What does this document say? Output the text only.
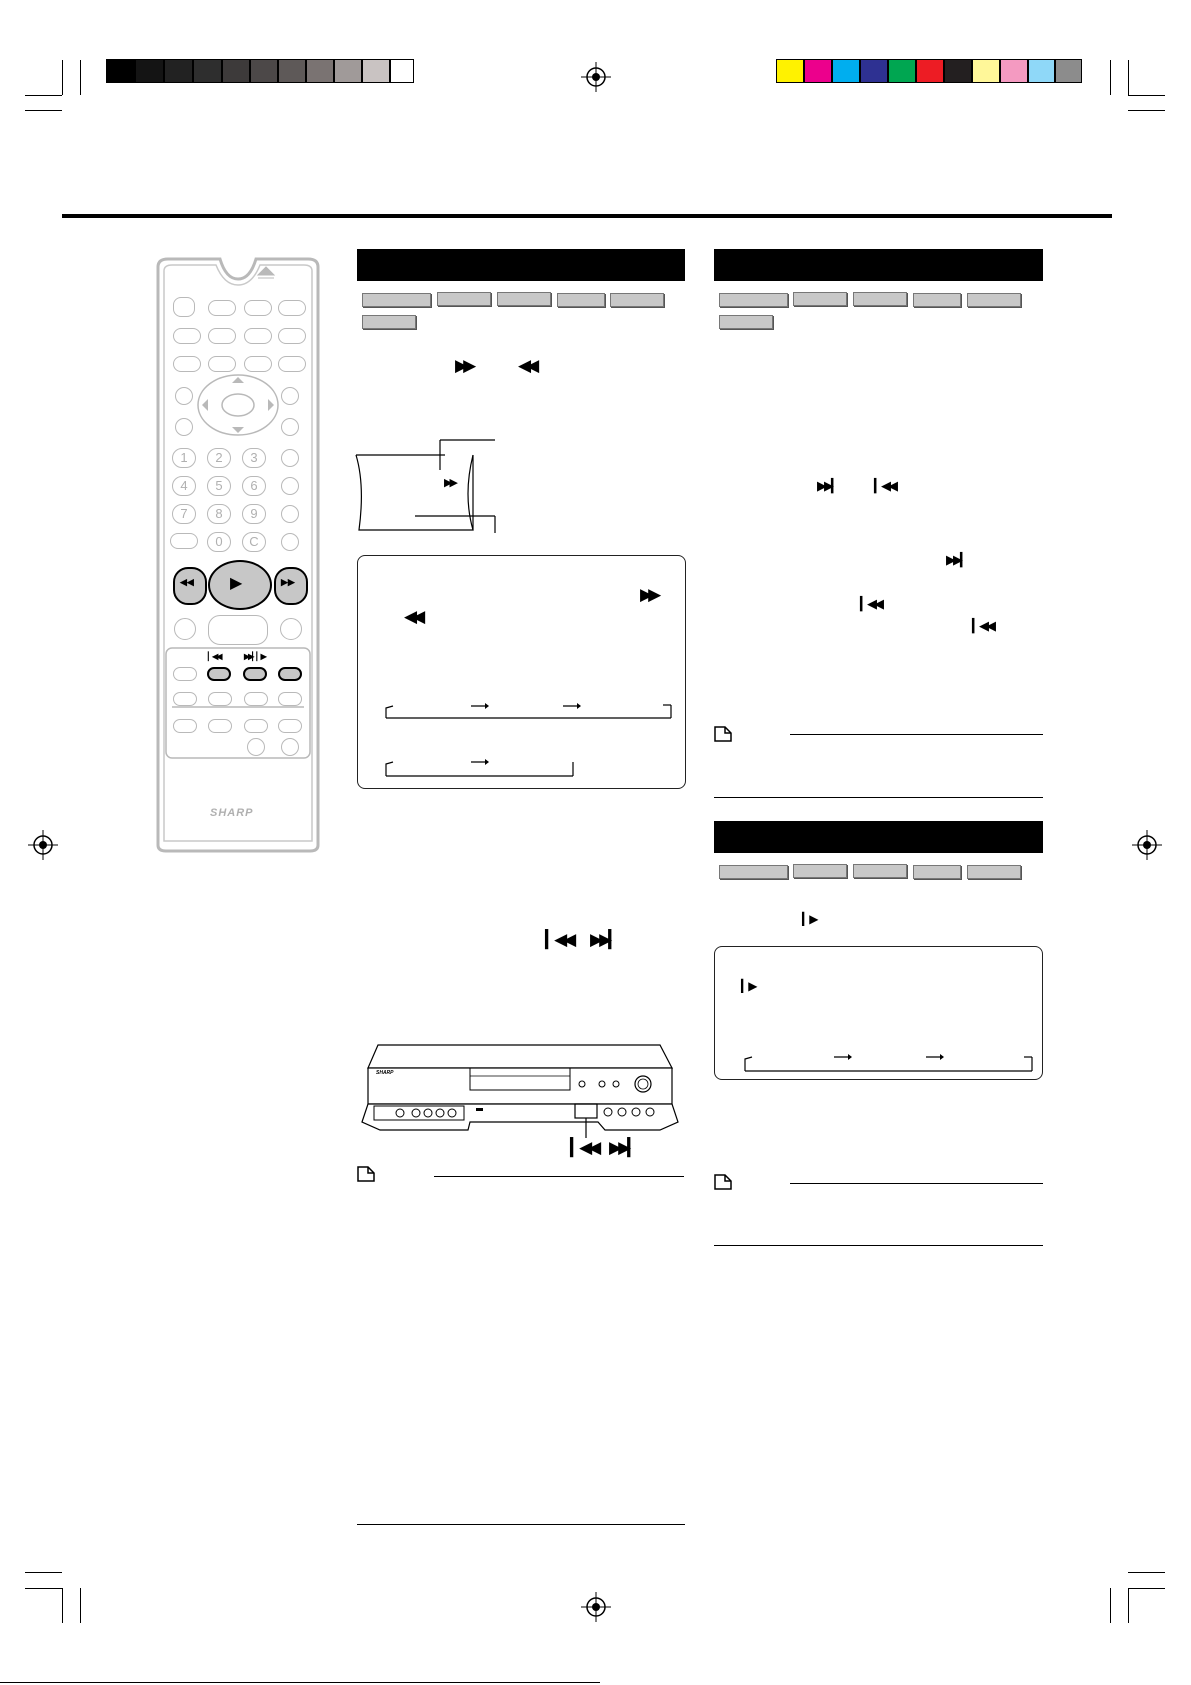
1	2	3
4	5	6
7	8	9
0	C
◀◀ ▶	▶▶
▏◀◀	▶▶▏▏▶
SHARP
▶▶	◀◀
▶▶
▶▶
◀◀
▎◀◀ ▶▶▎
SHARP
▎◀◀ ▶▶▎
▶▶▎	▎◀◀
▶▶▎
▎◀◀
▎◀◀
▎▶
▎▶
